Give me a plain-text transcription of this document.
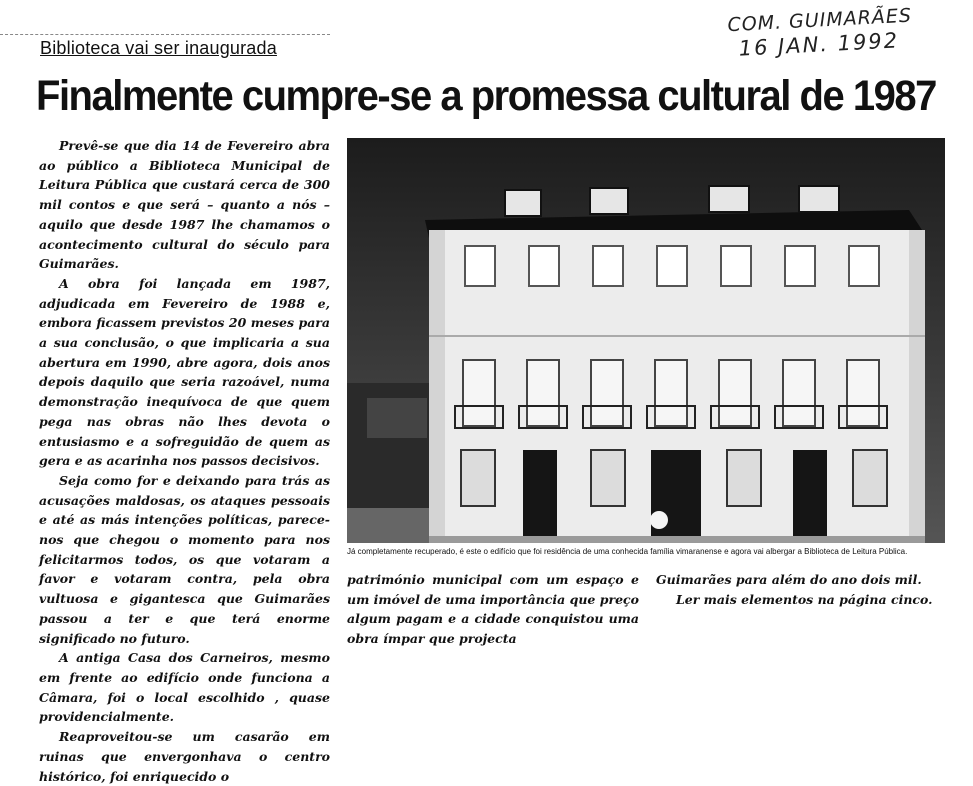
COM. GUIMARÃES
16 JAN. 1992
Biblioteca vai ser inaugurada
Finalmente cumpre-se a promessa cultural de 1987

Prevê-se que dia 14 de Fevereiro abra ao público a Biblioteca Municipal de Leitura Pública que custará cerca de 300 mil contos e que será – quanto a nós – aquilo que desde 1987 lhe chamamos o acontecimento cultural do século para Guimarães.

A obra foi lançada em 1987, adjudicada em Fevereiro de 1988 e, embora ficassem previstos 20 meses para a sua conclusão, o que implicaria a sua abertura em 1990, abre agora, dois anos depois daquilo que seria razoável, numa demonstração inequívoca de que quem pega nas obras não lhes devota o entusiasmo e a sofreguidão de quem as gera e as acarinha nos passos decisivos.

Seja como for e deixando para trás as acusações maldosas, os ataques pessoais e até as más intenções políticas, parece-nos que chegou o momento para nos felicitarmos todos, os que votaram a favor e votaram contra, pela obra vultuosa e gigantesca que Guimarães passou a ter e que terá enorme significado no futuro.

A antiga Casa dos Carneiros, mesmo em frente ao edifício onde funciona a Câmara, foi o local escolhido , quase providencialmente.

Reaproveitou-se um casarão em ruinas que envergonhava o centro histórico, foi enriquecido o

Já completamente recuperado, é este o edifício que foi residência de uma conhecida família vimaranense e agora vai albergar a Biblioteca de Leitura Pública.

património municipal com um espaço e um imóvel de uma importância que preço algum pagam e a cidade conquistou uma obra ímpar que projecta

Guimarães para além do ano dois mil.

Ler mais elementos na página cinco.
